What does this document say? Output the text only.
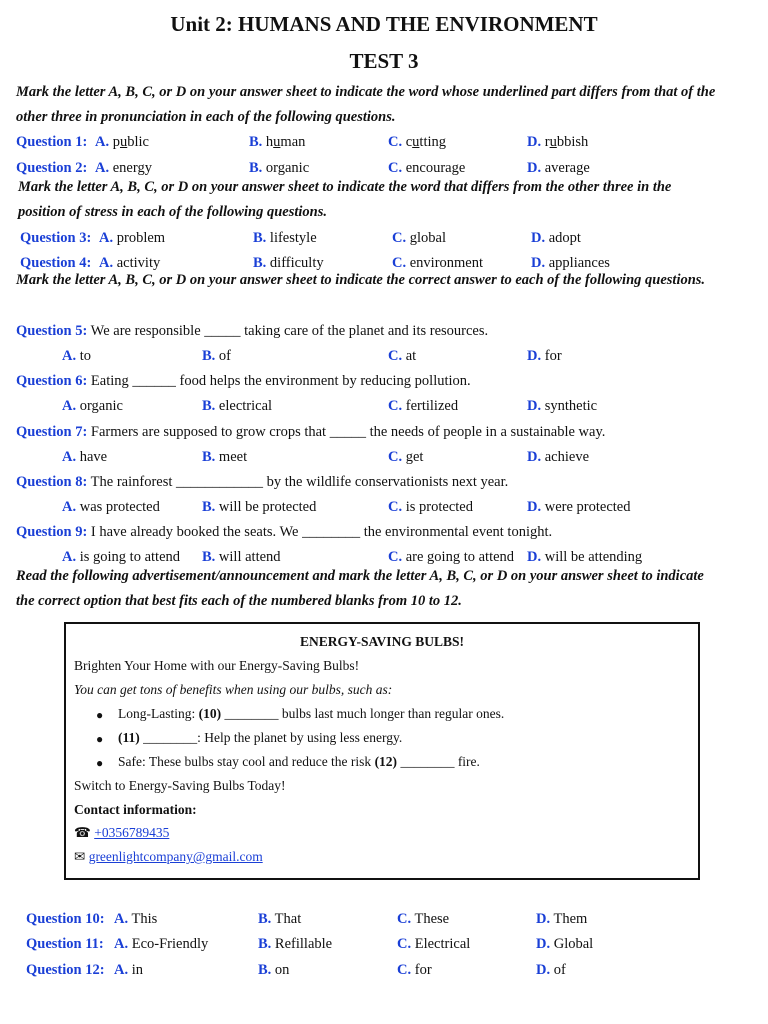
Unit 2: HUMANS AND THE ENVIRONMENT
TEST 3
Mark the letter A, B, C, or D on your answer sheet to indicate the word whose underlined part differs from that of the other three in pronunciation in each of the following questions.
Question 1: A. public	B. human	C. cutting	D. rubbish
Question 2: A. energy	B. organic	C. encourage	D. average
Mark the letter A, B, C, or D on your answer sheet to indicate the word that differs from the other three in the position of stress in each of the following questions.
Question 3: A. problem	B. lifestyle	C. global	D. adopt
Question 4: A. activity	B. difficulty	C. environment	D. appliances
Mark the letter A, B, C, or D on your answer sheet to indicate the correct answer to each of the following questions.
Question 5: We are responsible _____ taking care of the planet and its resources.
A. to	B. of	C. at	D. for
Question 6: Eating ______ food helps the environment by reducing pollution.
A. organic	B. electrical	C. fertilized	D. synthetic
Question 7: Farmers are supposed to grow crops that _____ the needs of people in a sustainable way.
A. have	B. meet	C. get	D. achieve
Question 8: The rainforest ____________ by the wildlife conservationists next year.
A. was protected	B. will be protected	C. is protected	D. were protected
Question 9: I have already booked the seats. We ________ the environmental event tonight.
A. is going to attend B. will attend	C. are going to attend D. will be attending
Read the following advertisement/announcement and mark the letter A, B, C, or D on your answer sheet to indicate the correct option that best fits each of the numbered blanks from 10 to 12.
ENERGY-SAVING BULBS!
Brighten Your Home with our Energy-Saving Bulbs!
You can get tons of benefits when using our bulbs, such as:
● Long-Lasting: (10) ________ bulbs last much longer than regular ones.
● (11) ________: Help the planet by using less energy.
● Safe: These bulbs stay cool and reduce the risk (12) ________ fire.
Switch to Energy-Saving Bulbs Today!
Contact information:
☎ +0356789435
✉ greenlightcompany@gmail.com
Question 10: A. This	B. That	C. These	D. Them
Question 11: A. Eco-Friendly	B. Refillable	C. Electrical	D. Global
Question 12: A. in	B. on	C. for	D. of
